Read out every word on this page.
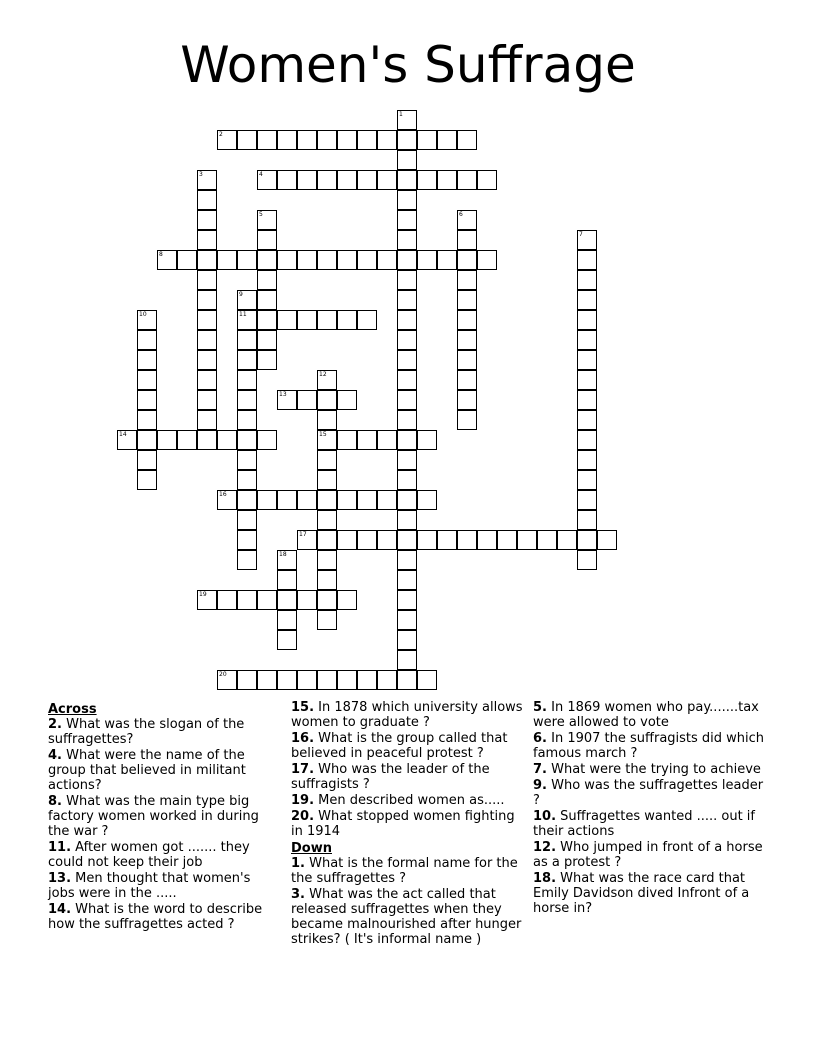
Women's Suffrage
1
2
3	4
5	6
7
8
9
11
10
12
15
13
14
16
17
18
19
20
Across
2. What was the slogan of the suffragettes?
4. What were the name of the group that believed in militant actions?
8. What was the main type big factory women worked in during the war ?
11. After women got ....... they could not keep their job
13. Men thought that women's jobs were in the .....
14. What is the word to describe how the suffragettes acted ?
15. In 1878 which university allows women to graduate ?
16. What is the group called that believed in peaceful protest ?
17. Who was the leader of the suffragists ?
19. Men described women as.....
20. What stopped women fighting in 1914
Down
1. What is the formal name for the the suffragettes ?
3. What was the act called that released suffragettes when they became malnourished after hunger strikes? ( It's informal name )
5. In 1869 women who pay.......tax were allowed to vote
6. In 1907 the suffragists did which famous march ?
7. What were the trying to achieve
9. Who was the suffragettes leader ?
10. Suffragettes wanted ..... out if their actions
12. Who jumped in front of a horse as a protest ?
18. What was the race card that Emily Davidson dived Infront of a horse in?
